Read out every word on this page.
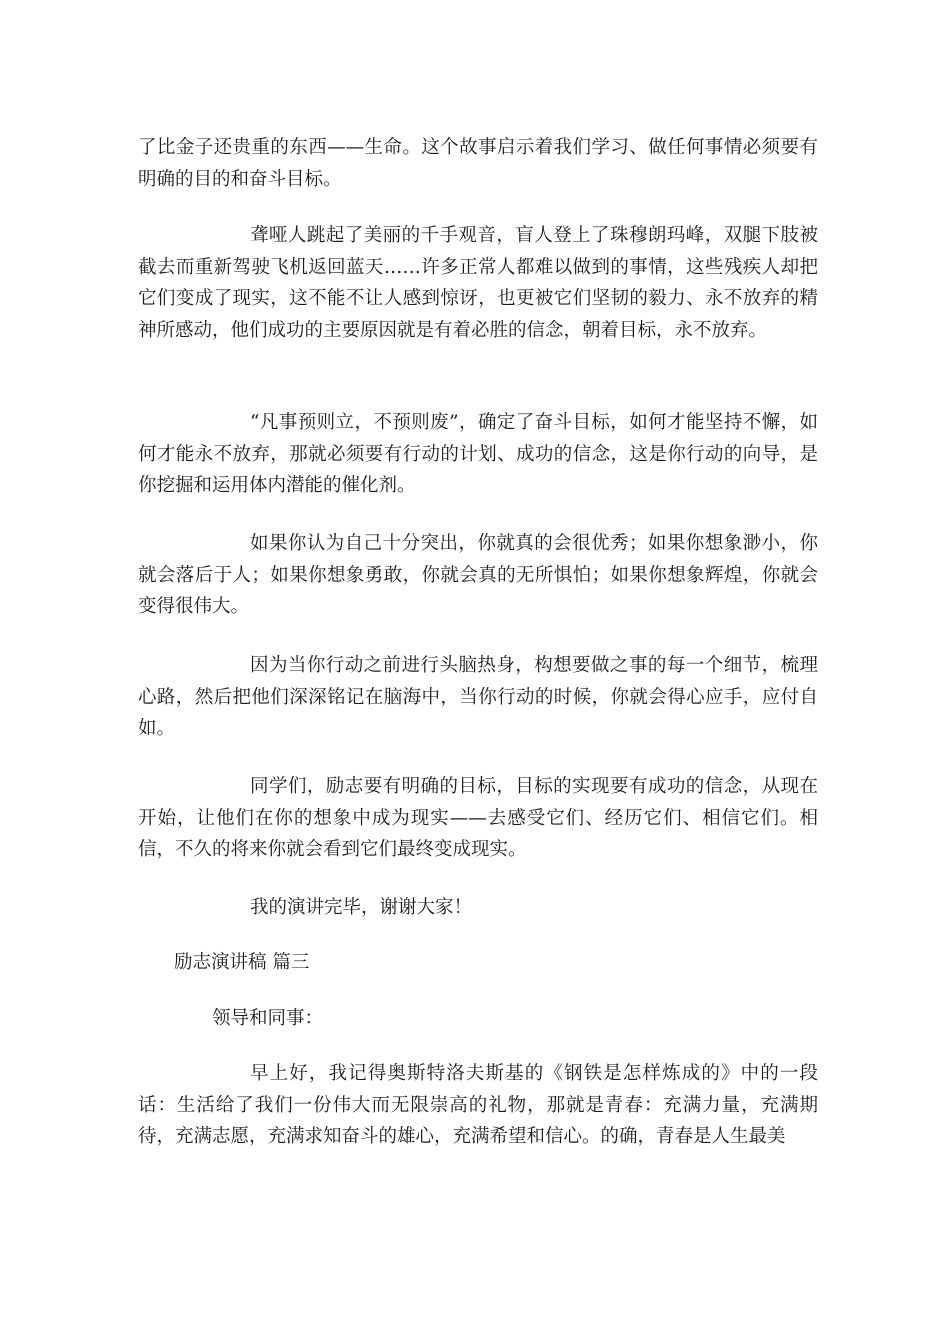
了比金子还贵重的东西——生命。这个故事启示着我们学习、做任何事情必须要有明确的目的和奋斗目标。

聋哑人跳起了美丽的千手观音，盲人登上了珠穆朗玛峰，双腿下肢被截去而重新驾驶飞机返回蓝天……许多正常人都难以做到的事情，这些残疾人却把它们变成了现实，这不能不让人感到惊讶，也更被它们坚韧的毅力、永不放弃的精神所感动，他们成功的主要原因就是有着必胜的信念，朝着目标，永不放弃。

“凡事预则立，不预则废”，确定了奋斗目标，如何才能坚持不懈，如何才能永不放弃，那就必须要有行动的计划、成功的信念，这是你行动的向导，是你挖掘和运用体内潜能的催化剂。

如果你认为自己十分突出，你就真的会很优秀；如果你想象渺小，你就会落后于人；如果你想象勇敢，你就会真的无所惧怕；如果你想象辉煌，你就会变得很伟大。

因为当你行动之前进行头脑热身，构想要做之事的每一个细节，梳理心路，然后把他们深深铭记在脑海中，当你行动的时候，你就会得心应手，应付自如。

同学们，励志要有明确的目标，目标的实现要有成功的信念，从现在开始，让他们在你的想象中成为现实——去感受它们、经历它们、相信它们。相信，不久的将来你就会看到它们最终变成现实。

我的演讲完毕，谢谢大家！

励志演讲稿 篇三

领导和同事：

早上好，我记得奥斯特洛夫斯基的《钢铁是怎样炼成的》中的一段话：生活给了我们一份伟大而无限崇高的礼物，那就是青春：充满力量，充满期待，充满志愿，充满求知奋斗的雄心，充满希望和信心。的确，青春是人生最美
